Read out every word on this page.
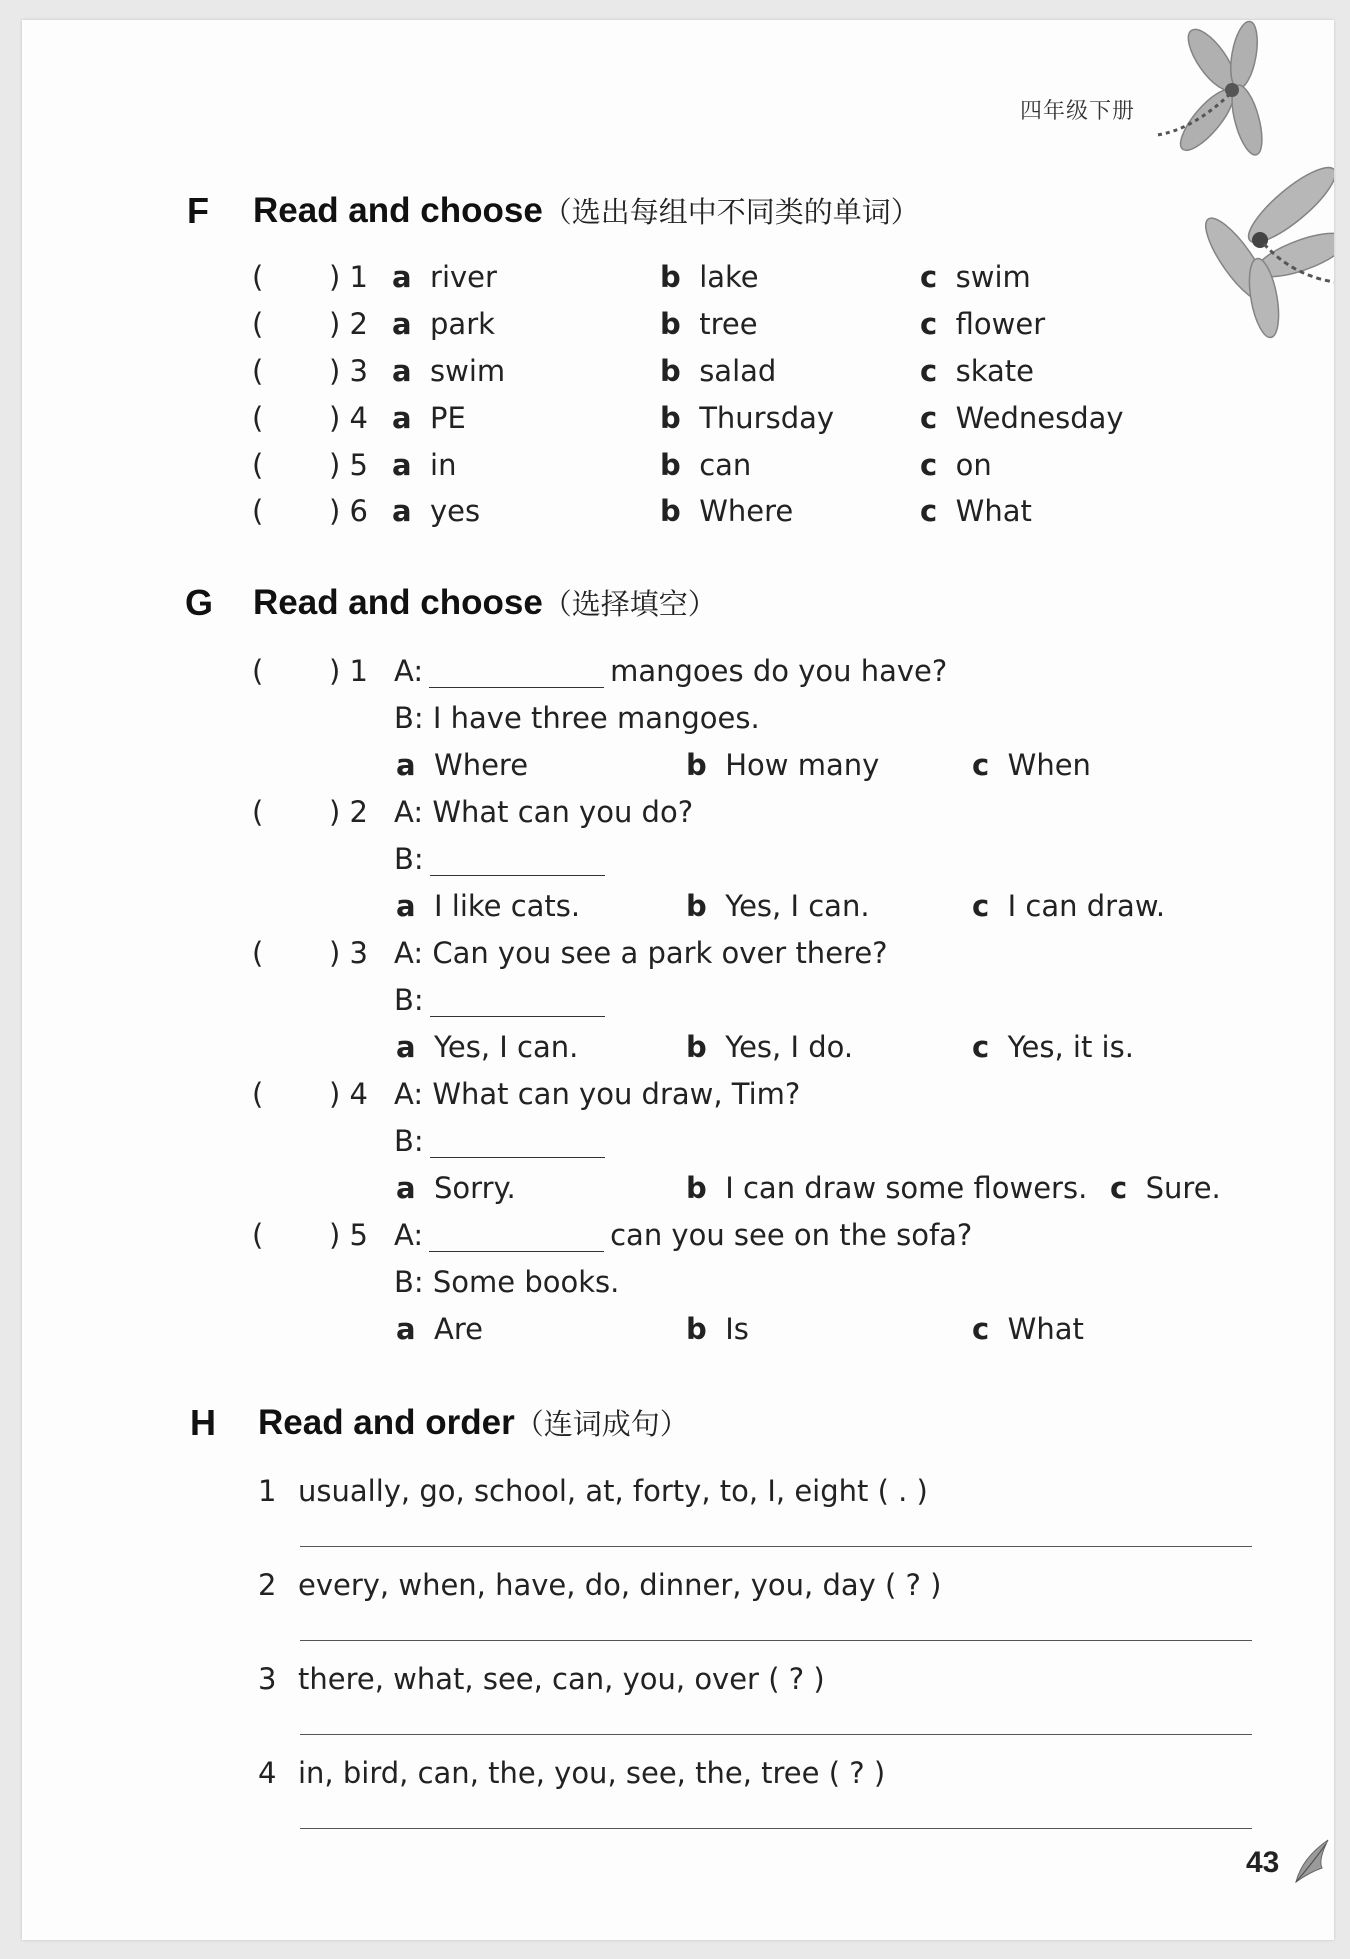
四年级下册
F Read and choose（选出每组中不同类的单词）
( ) 1 a river	b lake	c swim
( ) 2 a park	b tree	c flower
( ) 3 a swim	b salad	c skate
( ) 4 a PE	b Thursday	c Wednesday
( ) 5 a in	b can	c on
( ) 6 a yes	b Where	c What
G Read and choose（选择填空）
( ) 1 A:	mangoes do you have?
B: I have three mangoes.
a Where	b How many	c When
( ) 2 A: What can you do?
B:
a I like cats.	b Yes, I can.	c I can draw.
( ) 3 A: Can you see a park over there?
B:
a Yes, I can.	b Yes, I do.	c Yes, it is.
( ) 4 A: What can you draw, Tim?
B:
a Sorry.	b I can draw some flowers. c Sure.
( ) 5 A:	can you see on the sofa?
B: Some books.
a Are	b Is	c What
H Read and order（连词成句）
1 usually, go, school, at, forty, to, I, eight ( . )
2 every, when, have, do, dinner, you, day ( ? )
3 there, what, see, can, you, over ( ? )
4 in, bird, can, the, you, see, the, tree ( ? )
43
